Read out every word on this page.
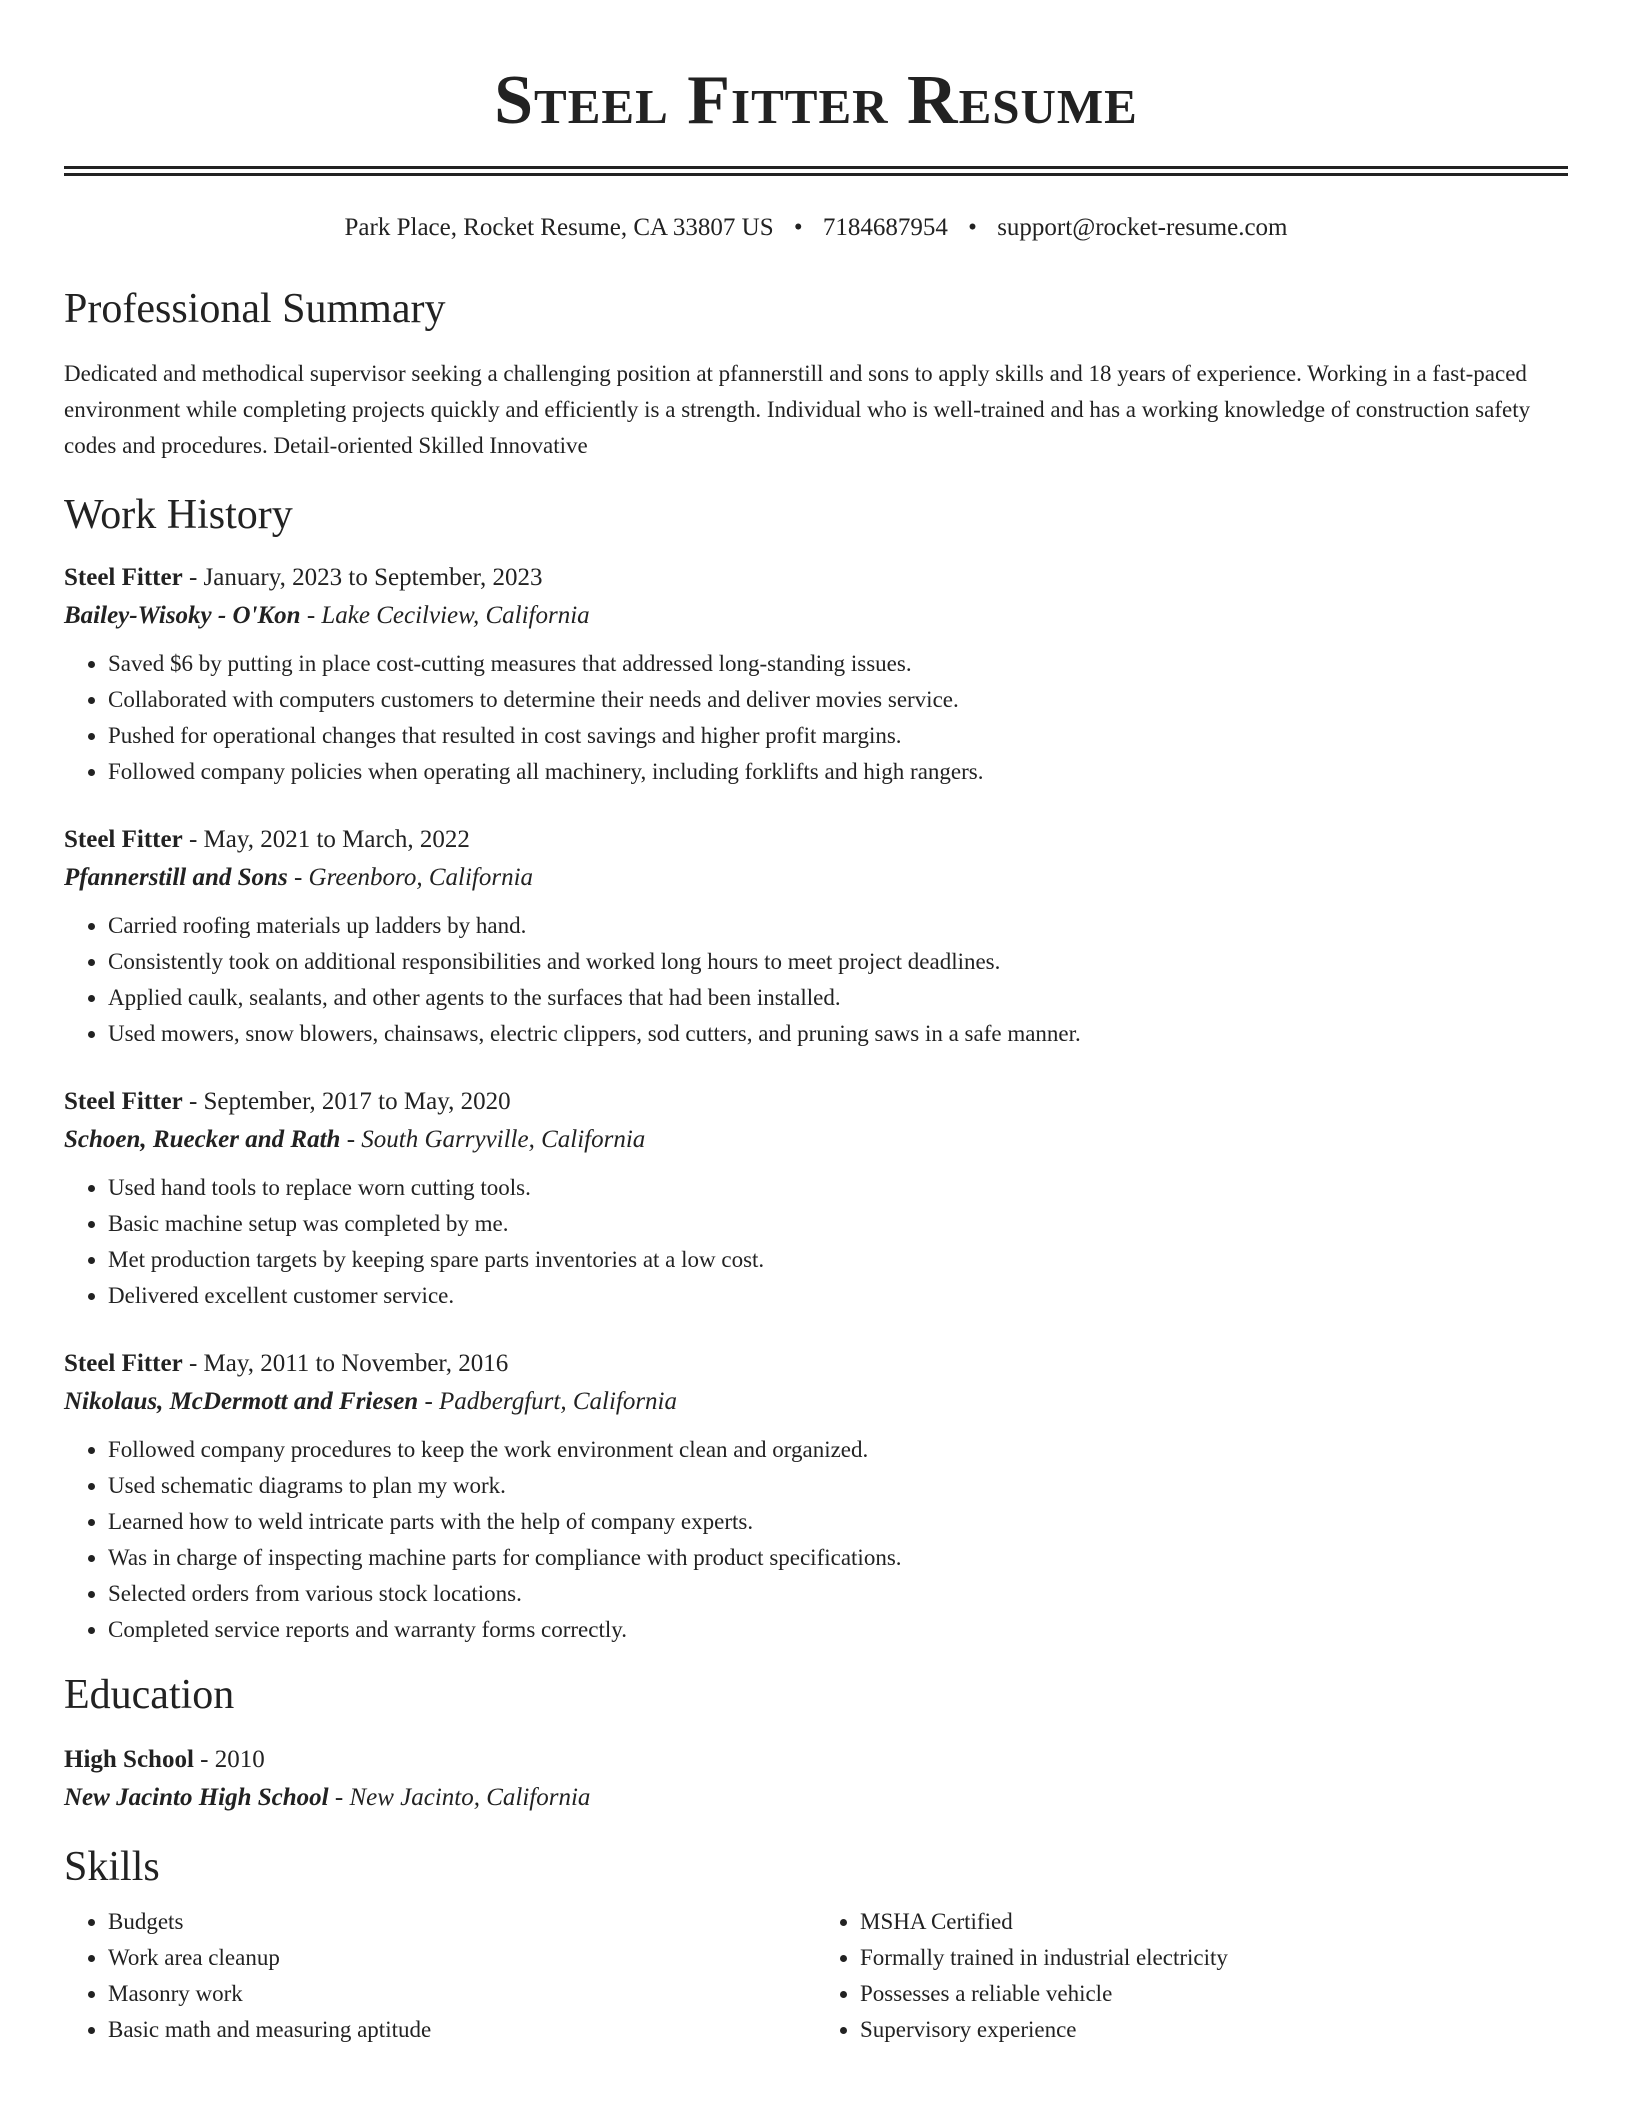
Steel Fitter Resume
Park Place, Rocket Resume, CA 33807 US • 7184687954 • support@rocket-resume.com
Professional Summary
Dedicated and methodical supervisor seeking a challenging position at pfannerstill and sons to apply skills and 18 years of experience. Working in a fast-paced environment while completing projects quickly and efficiently is a strength. Individual who is well-trained and has a working knowledge of construction safety codes and procedures. Detail-oriented Skilled Innovative
Work History
Steel Fitter - January, 2023 to September, 2023
Bailey-Wisoky - O'Kon - Lake Cecilview, California
• Saved $6 by putting in place cost-cutting measures that addressed long-standing issues.
• Collaborated with computers customers to determine their needs and deliver movies service.
• Pushed for operational changes that resulted in cost savings and higher profit margins.
• Followed company policies when operating all machinery, including forklifts and high rangers.
Steel Fitter - May, 2021 to March, 2022
Pfannerstill and Sons - Greenboro, California
• Carried roofing materials up ladders by hand.
• Consistently took on additional responsibilities and worked long hours to meet project deadlines.
• Applied caulk, sealants, and other agents to the surfaces that had been installed.
• Used mowers, snow blowers, chainsaws, electric clippers, sod cutters, and pruning saws in a safe manner.
Steel Fitter - September, 2017 to May, 2020
Schoen, Ruecker and Rath - South Garryville, California
• Used hand tools to replace worn cutting tools.
• Basic machine setup was completed by me.
• Met production targets by keeping spare parts inventories at a low cost.
• Delivered excellent customer service.
Steel Fitter - May, 2011 to November, 2016
Nikolaus, McDermott and Friesen - Padbergfurt, California
• Followed company procedures to keep the work environment clean and organized.
• Used schematic diagrams to plan my work.
• Learned how to weld intricate parts with the help of company experts.
• Was in charge of inspecting machine parts for compliance with product specifications.
• Selected orders from various stock locations.
• Completed service reports and warranty forms correctly.
Education
High School - 2010
New Jacinto High School - New Jacinto, California
Skills
• Budgets
• Work area cleanup
• Masonry work
• Basic math and measuring aptitude
• MSHA Certified
• Formally trained in industrial electricity
• Possesses a reliable vehicle
• Supervisory experience
